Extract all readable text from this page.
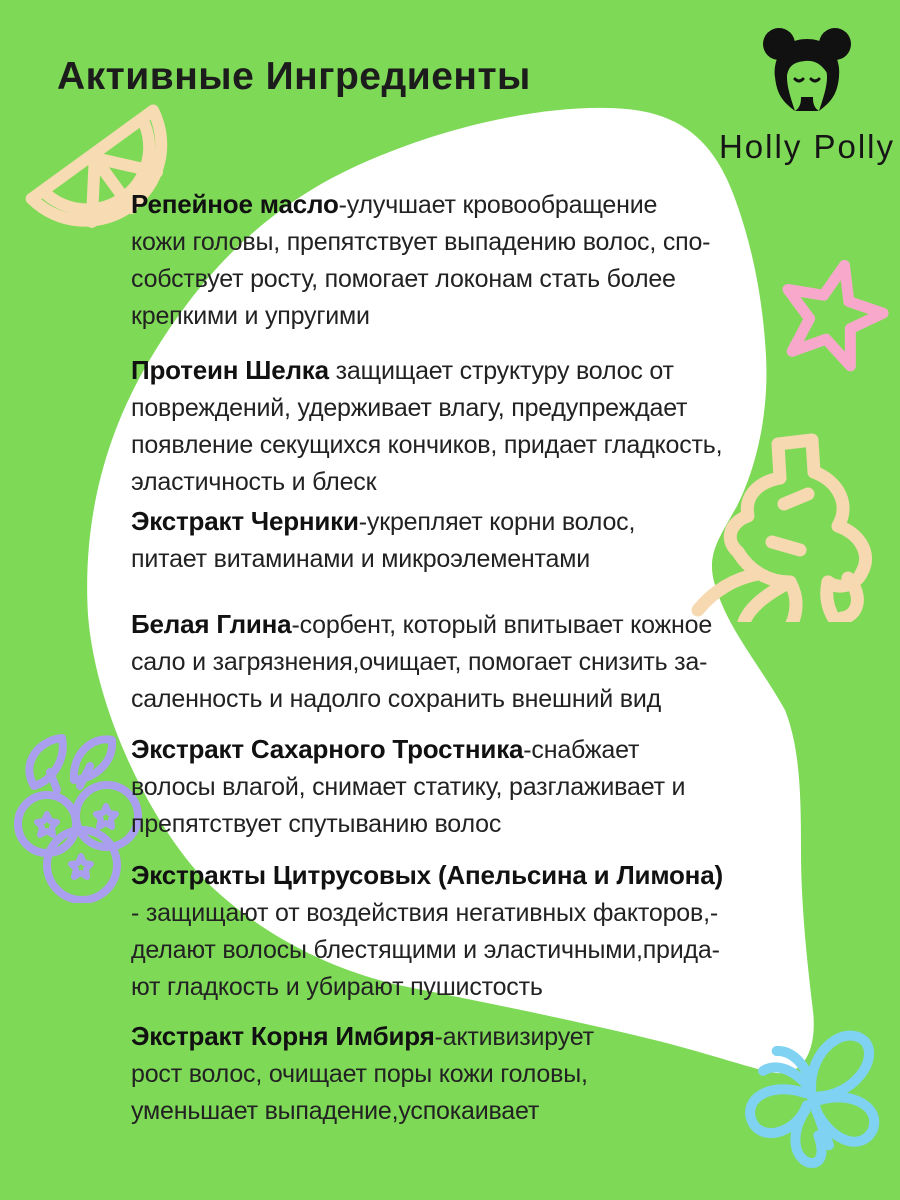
Активные Ингредиенты
Holly Polly
Репейное масло-улучшает кровообращение
кожи головы, препятствует выпадению волос, спо-
собствует росту, помогает локонам стать более
крепкими и упругими
Протеин Шелка защищает структуру волос от
повреждений, удерживает влагу, предупреждает
появление секущихся кончиков, придает гладкость,
эластичность и блеск
Экстракт Черники-укрепляет корни волос,
питает витаминами и микроэлементами
Белая Глина-сорбент, который впитывает кожное
сало и загрязнения,очищает, помогает снизить за-
саленность и надолго сохранить внешний вид
Экстракт Сахарного Тростника-снабжает
волосы влагой, снимает статику, разглаживает и
препятствует спутыванию волос
Экстракты Цитрусовых (Апельсина и Лимона)
- защищают от воздействия негативных факторов,-
делают волосы блестящими и эластичными,прида-
ют гладкость и убирают пушистость
Экстракт Корня Имбиря-активизирует
рост волос, очищает поры кожи головы,
уменьшает выпадение,успокаивает
